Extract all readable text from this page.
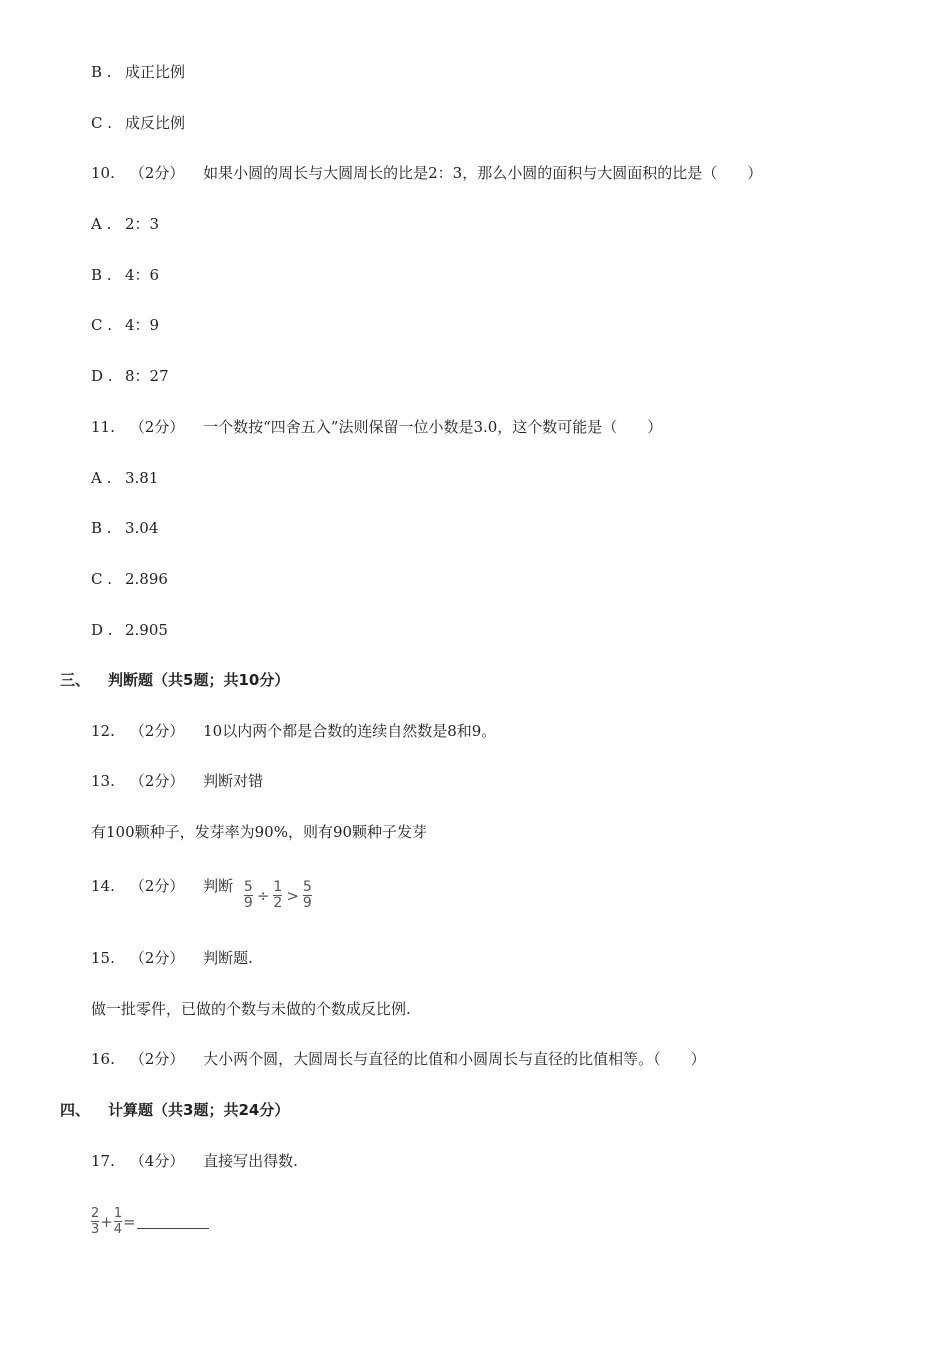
B . 成正比例
C . 成反比例
10. （2分） 如果小圆的周长与大圆周长的比是2：3，那么小圆的面积与大圆面积的比是（　　）
A . 2：3
B . 4：6
C . 4：9
D . 8：27
11. （2分） 一个数按“四舍五入”法则保留一位小数是3.0，这个数可能是（　　）
A . 3.81
B . 3.04
C . 2.896
D . 2.905
三、 判断题（共5题；共10分）
12. （2分） 10以内两个都是合数的连续自然数是8和9。
13. （2分） 判断对错
有100颗种子，发芽率为90%，则有90颗种子发芽
14. （2分） 判断 $\frac{5}{9} \div \frac{1}{2} > \frac{5}{9}$
15. （2分） 判断题.
做一批零件，已做的个数与未做的个数成反比例.
16. （2分） 大小两个圆，大圆周长与直径的比值和小圆周长与直径的比值相等。（　　）
四、 计算题（共3题；共24分）
17. （4分） 直接写出得数.
$\frac{2}{3} + \frac{1}{4}$ =
